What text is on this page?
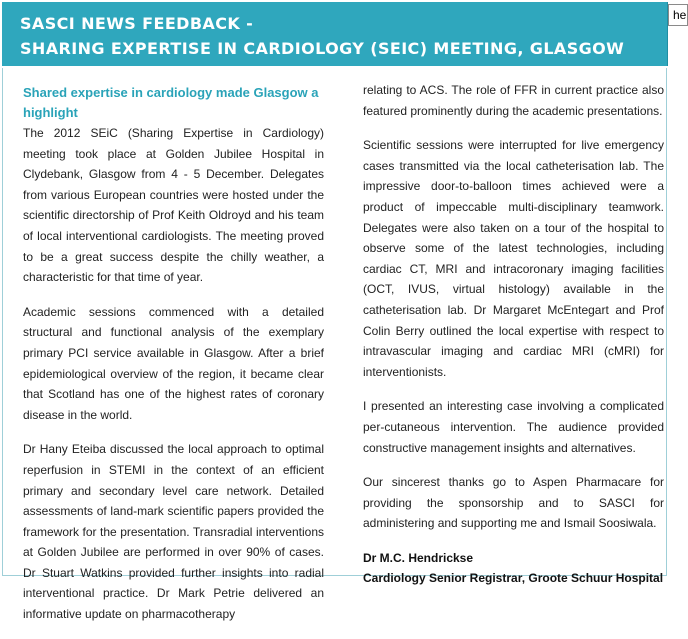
SASCI NEWS FEEDBACK -
SHARING EXPERTISE IN CARDIOLOGY (SEIC) MEETING, GLASGOW
he
Shared expertise in cardiology made Glasgow a highlight

The 2012 SEiC (Sharing Expertise in Cardiology) meeting took place at Golden Jubilee Hospital in Clydebank, Glasgow from 4 - 5 December. Delegates from various European countries were hosted under the scientific directorship of Prof Keith Oldroyd and his team of local interventional cardiologists. The meeting proved to be a great success despite the chilly weather, a characteristic for that time of year.

Academic sessions commenced with a detailed structural and functional analysis of the exemplary primary PCI service available in Glasgow. After a brief epidemiological overview of the region, it became clear that Scotland has one of the highest rates of coronary disease in the world.

Dr Hany Eteiba discussed the local approach to optimal reperfusion in STEMI in the context of an efficient primary and secondary level care network. Detailed assessments of land-mark scientific papers provided the framework for the presentation. Transradial interventions at Golden Jubilee are performed in over 90% of cases. Dr Stuart Watkins provided further insights into radial interventional practice. Dr Mark Petrie delivered an informative update on pharmacotherapy

relating to ACS. The role of FFR in current practice also featured prominently during the academic presentations.

Scientific sessions were interrupted for live emergency cases transmitted via the local catheterisation lab. The impressive door-to-balloon times achieved were a product of impeccable multi-disciplinary teamwork. Delegates were also taken on a tour of the hospital to observe some of the latest technologies, including cardiac CT, MRI and intracoronary imaging facilities (OCT, IVUS, virtual histology) available in the catheterisation lab. Dr Margaret McEntegart and Prof Colin Berry outlined the local expertise with respect to intravascular imaging and cardiac MRI (cMRI) for interventionists.

I presented an interesting case involving a complicated per-cutaneous intervention. The audience provided constructive management insights and alternatives.

Our sincerest thanks go to Aspen Pharmacare for providing the sponsorship and to SASCI for administering and supporting me and Ismail Soosiwala.

Dr M.C. Hendrickse
Cardiology Senior Registrar, Groote Schuur Hospital
